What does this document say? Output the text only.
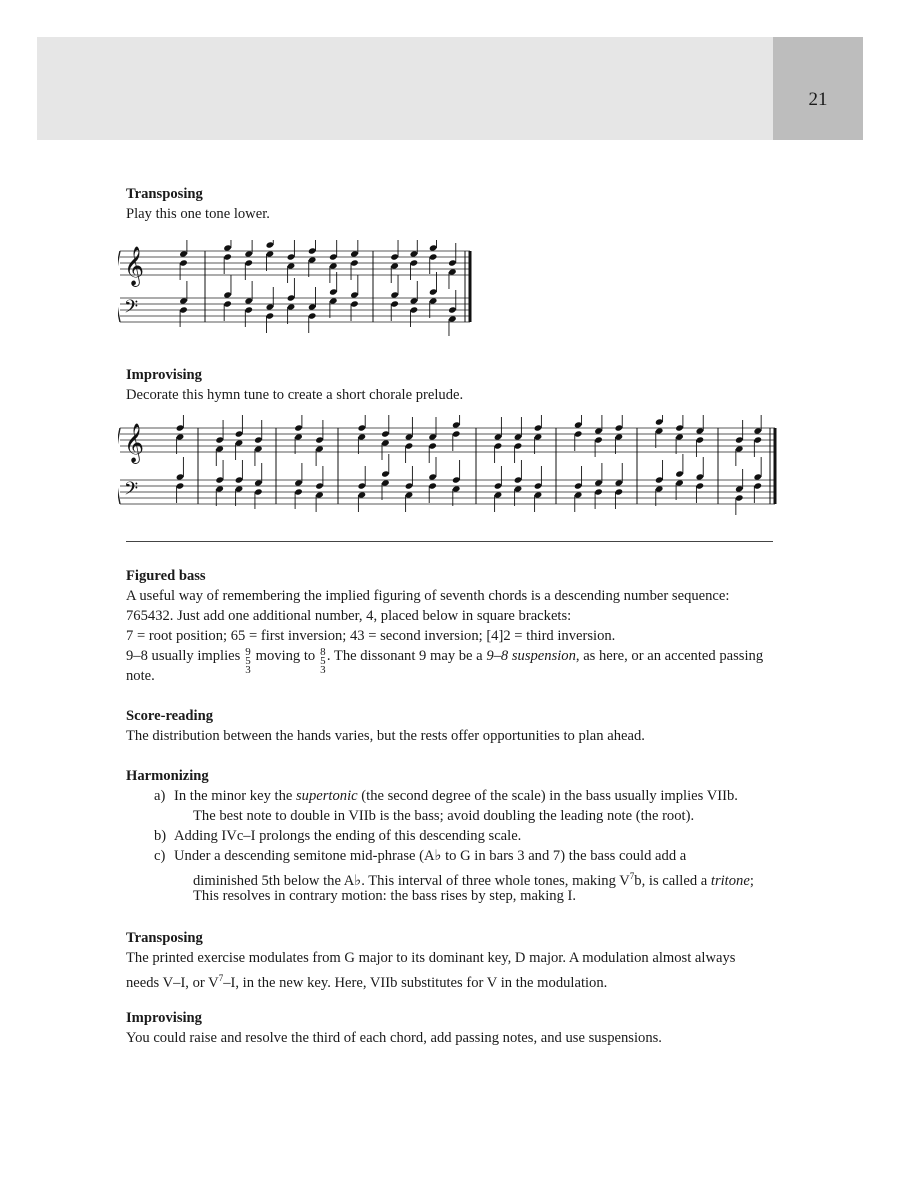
21
Transposing
Play this one tone lower.
𝄞
𝄢
Improvising
Decorate this hymn tune to create a short chorale prelude.
𝄞
𝄢
Figured bass
A useful way of remembering the implied figuring of seventh chords is a descending number sequence:
765432. Just add one additional number, 4, placed below in square brackets:
7 = root position; 65 = first inversion; 43 = second inversion; [4]2 = third inversion.
9–8 usually implies 9
5
3 moving to 8
5
3. The dissonant 9 may be a 9–8 suspension, as here, or an accented passing
note.
Score-reading
The distribution between the hands varies, but the rests offer opportunities to plan ahead.
Harmonizing
a) In the minor key the supertonic (the second degree of the scale) in the bass usually implies VIIb.
The best note to double in VIIb is the bass; avoid doubling the leading note (the root).
b) Adding IVc–I prolongs the ending of this descending scale.
c) Under a descending semitone mid-phrase (A♭ to G in bars 3 and 7) the bass could add a
diminished 5th below the A♭. This interval of three whole tones, making $V^7b$, is called a tritone;
This resolves in contrary motion: the bass rises by step, making I.
Transposing
The printed exercise modulates from G major to its dominant key, D major. A modulation almost always
needs V–I, or $V^7-I$, in the new key. Here, VIIb substitutes for V in the modulation.
Improvising
You could raise and resolve the third of each chord, add passing notes, and use suspensions.
